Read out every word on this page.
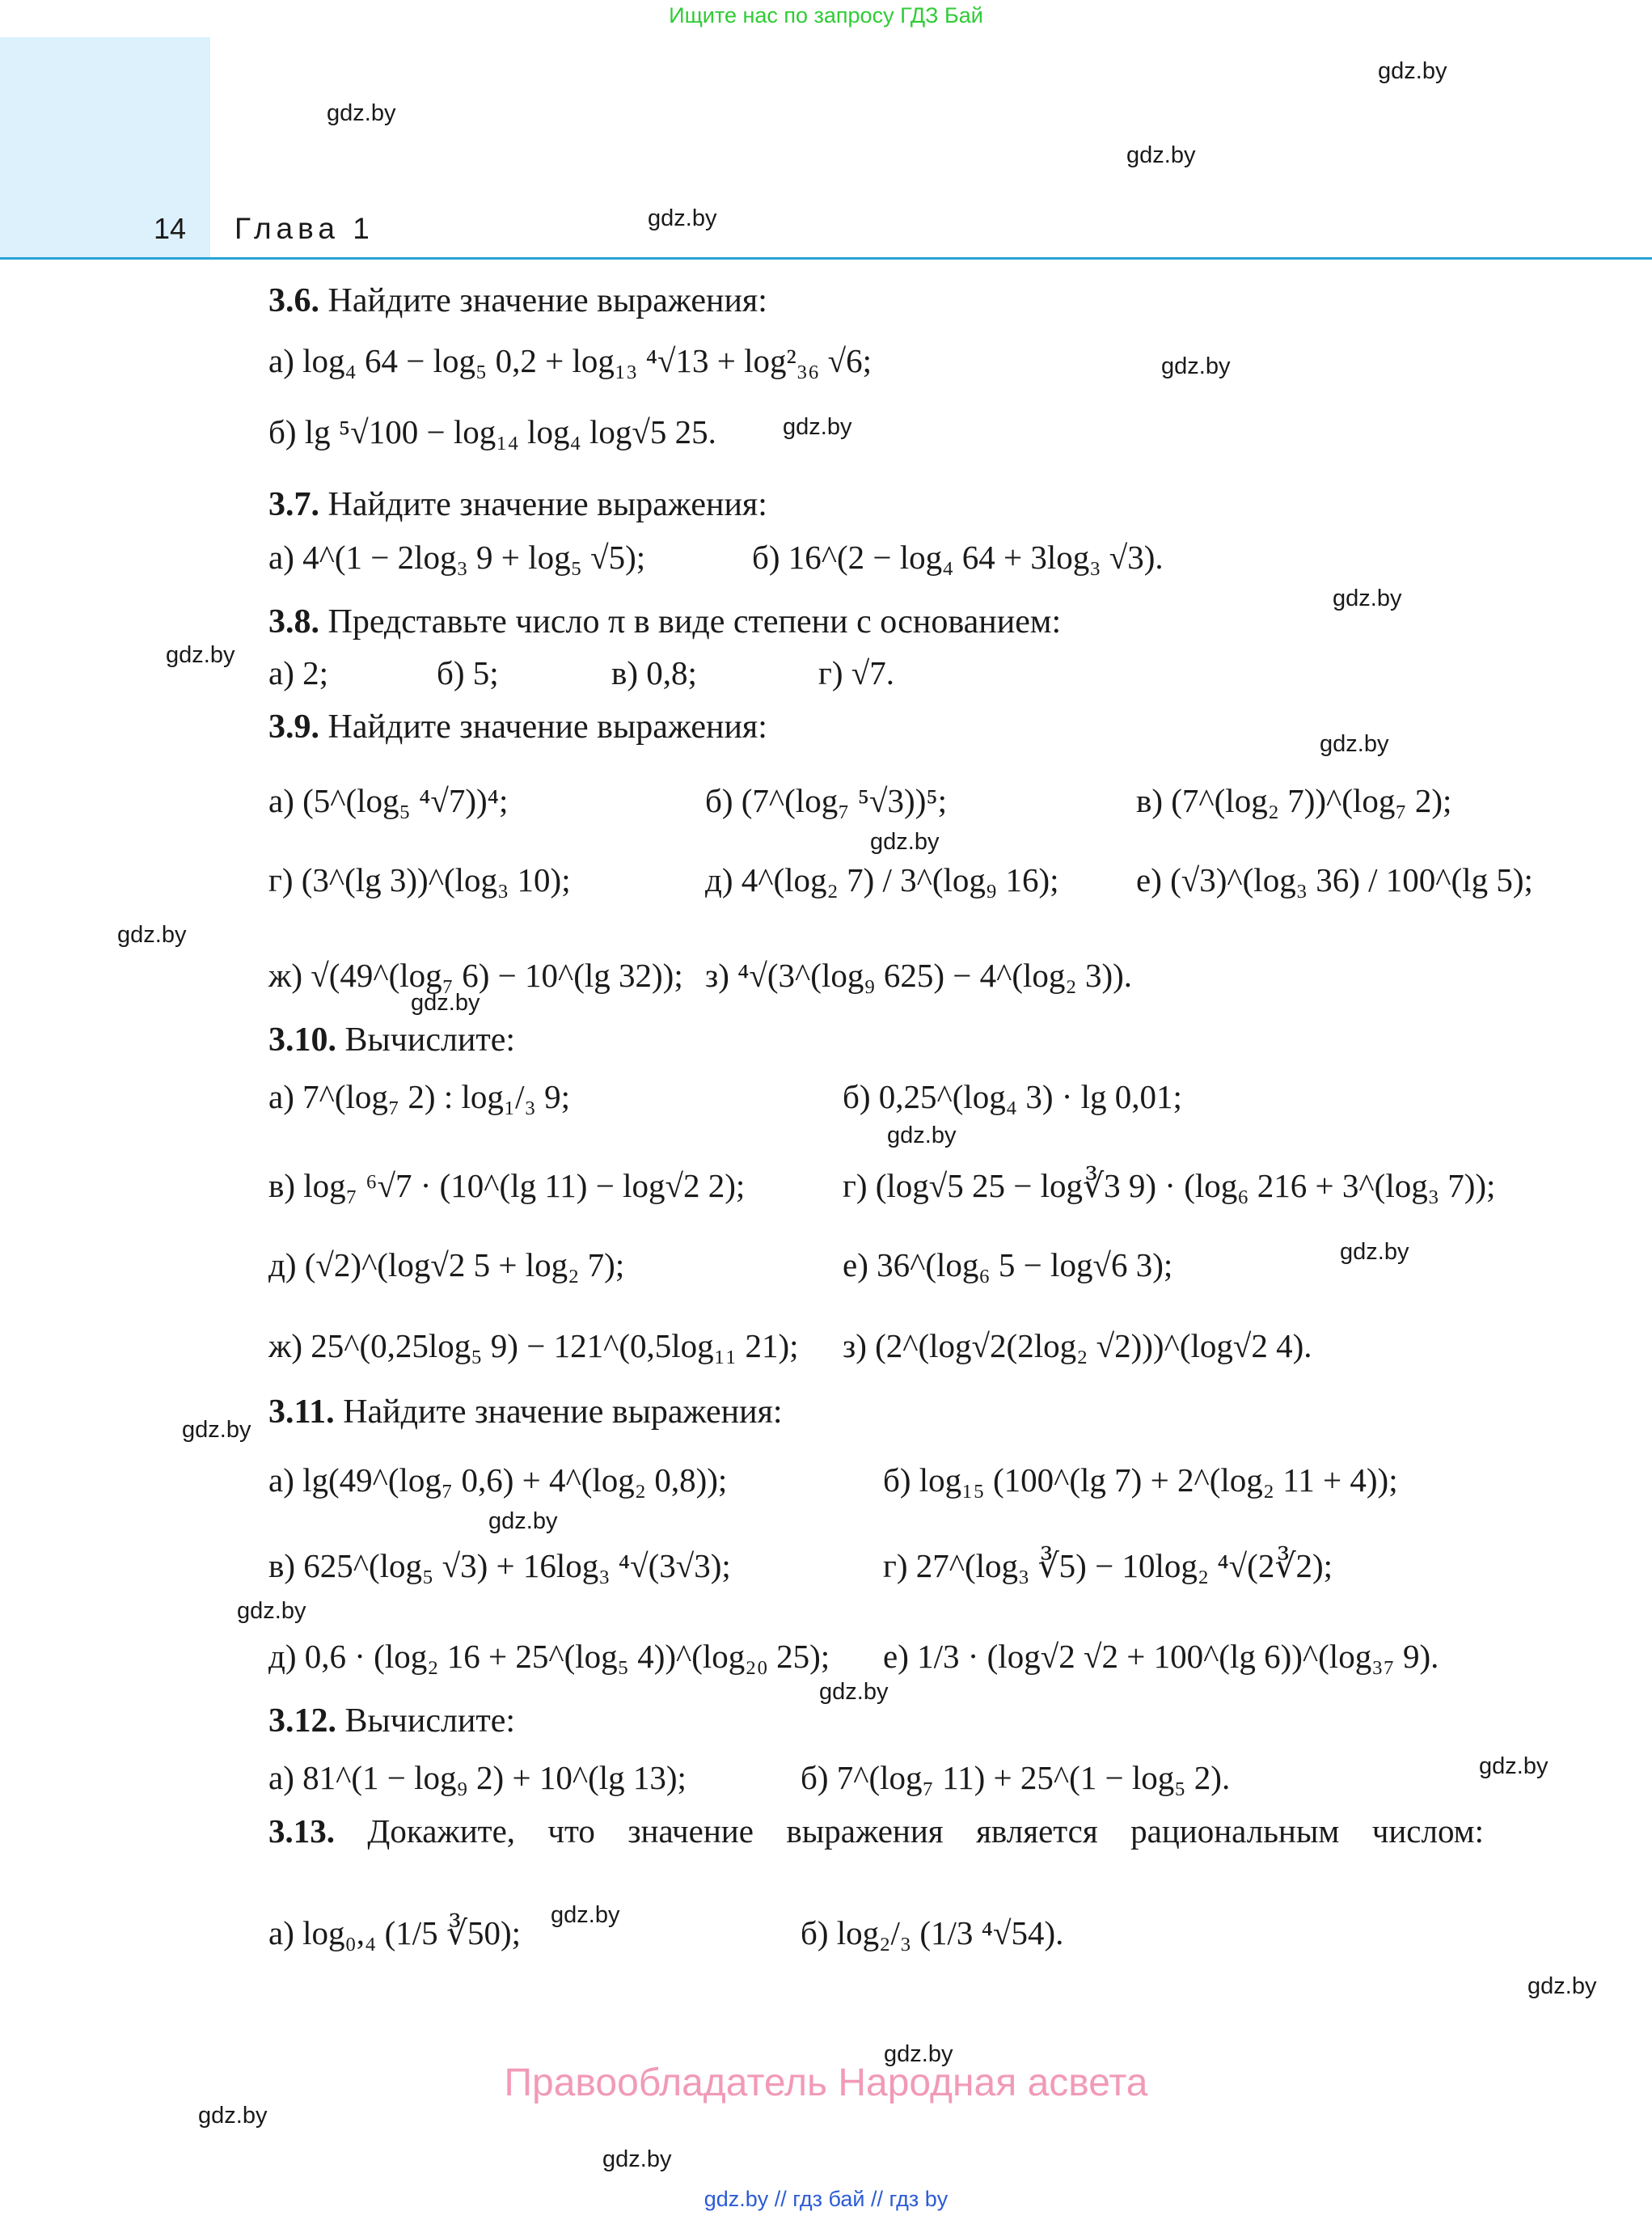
Ищите нас по запросу ГДЗ Бай
14 Глава 1
gdz.by
gdz.by
gdz.by
gdz.by
gdz.by
gdz.by
gdz.by
gdz.by
gdz.by
gdz.by
gdz.by
gdz.by
gdz.by
gdz.by
gdz.by
gdz.by
gdz.by
gdz.by
gdz.by
gdz.by
gdz.by
gdz.by
gdz.by
gdz.by
3.6. Найдите значение выражения:
а) log₄ 64 − log₅ 0,2 + log₁₃ ⁴√13 + log²₃₆ √6;
б) lg ⁵√100 − log₁₄ log₄ log√5 25.
3.7. Найдите значение выражения:
а) 4^(1 − 2log₃ 9 + log₅ √5);	б) 16^(2 − log₄ 64 + 3log₃ √3).
3.8. Представьте число π в виде степени с основанием:
а) 2;	б) 5;	в) 0,8;	г) √7.
3.9. Найдите значение выражения:
а) (5^(log₅ ⁴√7))⁴;	б) (7^(log₇ ⁵√3))⁵;	в) (7^(log₂ 7))^(log₇ 2);
г) (3^(lg 3))^(log₃ 10);	д) 4^(log₂ 7) / 3^(log₉ 16); е) (√3)^(log₃ 36) / 100^(lg 5);
ж) √(49^(log₇ 6) − 10^(lg 32)); з) ⁴√(3^(log₉ 625) − 4^(log₂ 3)).
3.10. Вычислите:
а) 7^(log₇ 2) : log₁/₃ 9;	б) 0,25^(log₄ 3) · lg 0,01;
в) log₇ ⁶√7 · (10^(lg 11) − log√2 2);	г) (log√5 25 − log∛3 9) · (log₆ 216 + 3^(log₃ 7));
д) (√2)^(log√2 5 + log₂ 7);	е) 36^(log₆ 5 − log√6 3);
ж) 25^(0,25log₅ 9) − 121^(0,5log₁₁ 21); з) (2^(log√2(2log₂ √2)))^(log√2 4).
3.11. Найдите значение выражения:
а) lg(49^(log₇ 0,6) + 4^(log₂ 0,8));	б) log₁₅ (100^(lg 7) + 2^(log₂ 11 + 4));
в) 625^(log₅ √3) + 16log₃ ⁴√(3√3);	г) 27^(log₃ ∛5) − 10log₂ ⁴√(2∛2);
д) 0,6 · (log₂ 16 + 25^(log₅ 4))^(log₂₀ 25); е) 1/3 · (log√2 √2 + 100^(lg 6))^(log₃₇ 9).
3.12. Вычислите:
а) 81^(1 − log₉ 2) + 10^(lg 13);	б) 7^(log₇ 11) + 25^(1 − log₅ 2).
3.13. Докажите, что значение выражения является рациональным числом:
а) log₀,₄ (1/5 ∛50);	б) log₂/₃ (1/3 ⁴√54).
Правообладатель Народная асвета
gdz.by // гдз бай // гдз by
